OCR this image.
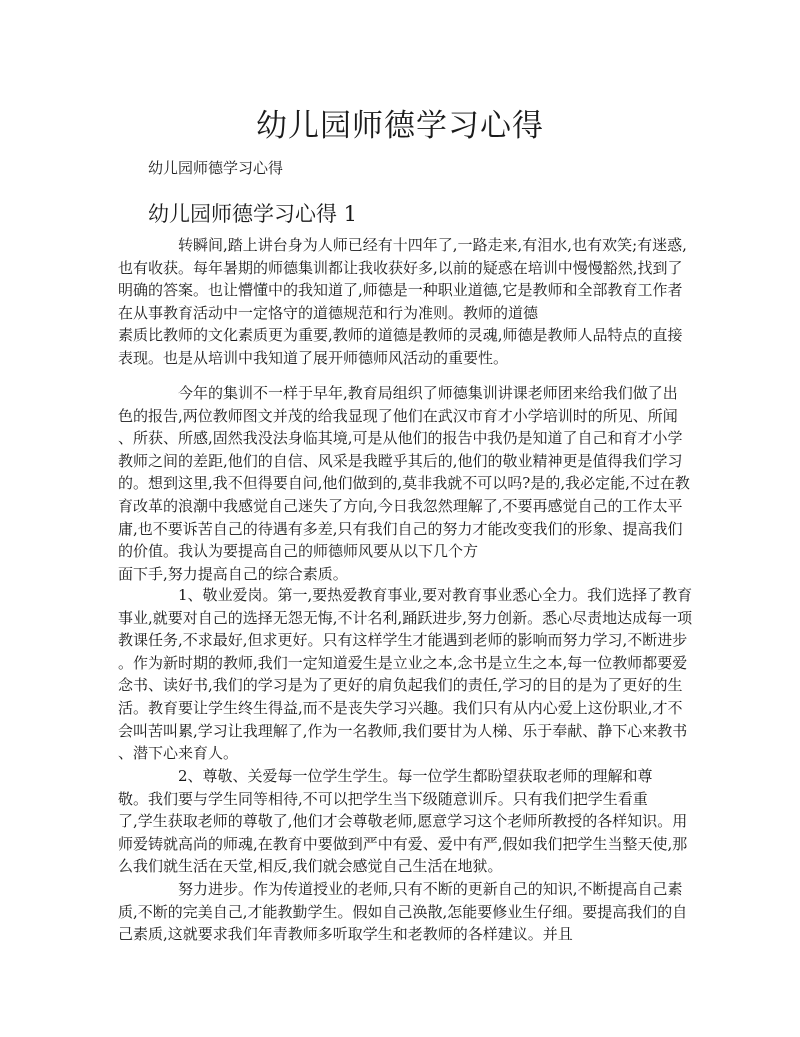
幼儿园师德学习心得
幼儿园师德学习心得
幼儿园师德学习心得 1
转瞬间,踏上讲台身为人师已经有十四年了,一路走来,有泪水,也有欢笑;有迷惑,
也有收获。每年暑期的师德集训都让我收获好多,以前的疑惑在培训中慢慢豁然,找到了
明确的答案。也让懵懂中的我知道了,师德是一种职业道德,它是教师和全部教育工作者
在从事教育活动中一定恪守的道德规范和行为准则。教师的道德
素质比教师的文化素质更为重要,教师的道德是教师的灵魂,师德是教师人品特点的直接
表现。也是从培训中我知道了展开师德师风活动的重要性。
今年的集训不一样于早年,教育局组织了师德集训讲课老师团来给我们做了出
色的报告,两位教师图文并茂的给我显现了他们在武汉市育才小学培训时的所见、所闻
、所获、所感,固然我没法身临其境,可是从他们的报告中我仍是知道了自己和育才小学
教师之间的差距,他们的自信、风采是我瞠乎其后的,他们的敬业精神更是值得我们学习
的。想到这里,我不但得要自问,他们做到的,莫非我就不可以吗?是的,我必定能,不过在教
育改革的浪潮中我感觉自己迷失了方向,今日我忽然理解了,不要再感觉自己的工作太平
庸,也不要诉苦自己的待遇有多差,只有我们自己的努力才能改变我们的形象、提高我们
的价值。我认为要提高自己的师德师风要从以下几个方
面下手,努力提高自己的综合素质。
1、敬业爱岗。第一,要热爱教育事业,要对教育事业悉心全力。我们选择了教育
事业,就要对自己的选择无怨无悔,不计名利,踊跃进步,努力创新。悉心尽责地达成每一项
教课任务,不求最好,但求更好。只有这样学生才能遇到老师的影响而努力学习,不断进步
。作为新时期的教师,我们一定知道爱生是立业之本,念书是立生之本,每一位教师都要爱
念书、读好书,我们的学习是为了更好的肩负起我们的责任,学习的目的是为了更好的生
活。教育要让学生终生得益,而不是丧失学习兴趣。我们只有从内心爱上这份职业,才不
会叫苦叫累,学习让我理解了,作为一名教师,我们要甘为人梯、乐于奉献、静下心来教书
、潜下心来育人。
2、尊敬、关爱每一位学生学生。每一位学生都盼望获取老师的理解和尊
敬。我们要与学生同等相待,不可以把学生当下级随意训斥。只有我们把学生看重
了,学生获取老师的尊敬了,他们才会尊敬老师,愿意学习这个老师所教授的各样知识。用
师爱铸就高尚的师魂,在教育中要做到严中有爱、爱中有严,假如我们把学生当整天使,那
么我们就生活在天堂,相反,我们就会感觉自己生活在地狱。
努力进步。作为传道授业的老师,只有不断的更新自己的知识,不断提高自己素
质,不断的完美自己,才能教勤学生。假如自己涣散,怎能要修业生仔细。要提高我们的自
己素质,这就要求我们年青教师多听取学生和老教师的各样建议。并且
